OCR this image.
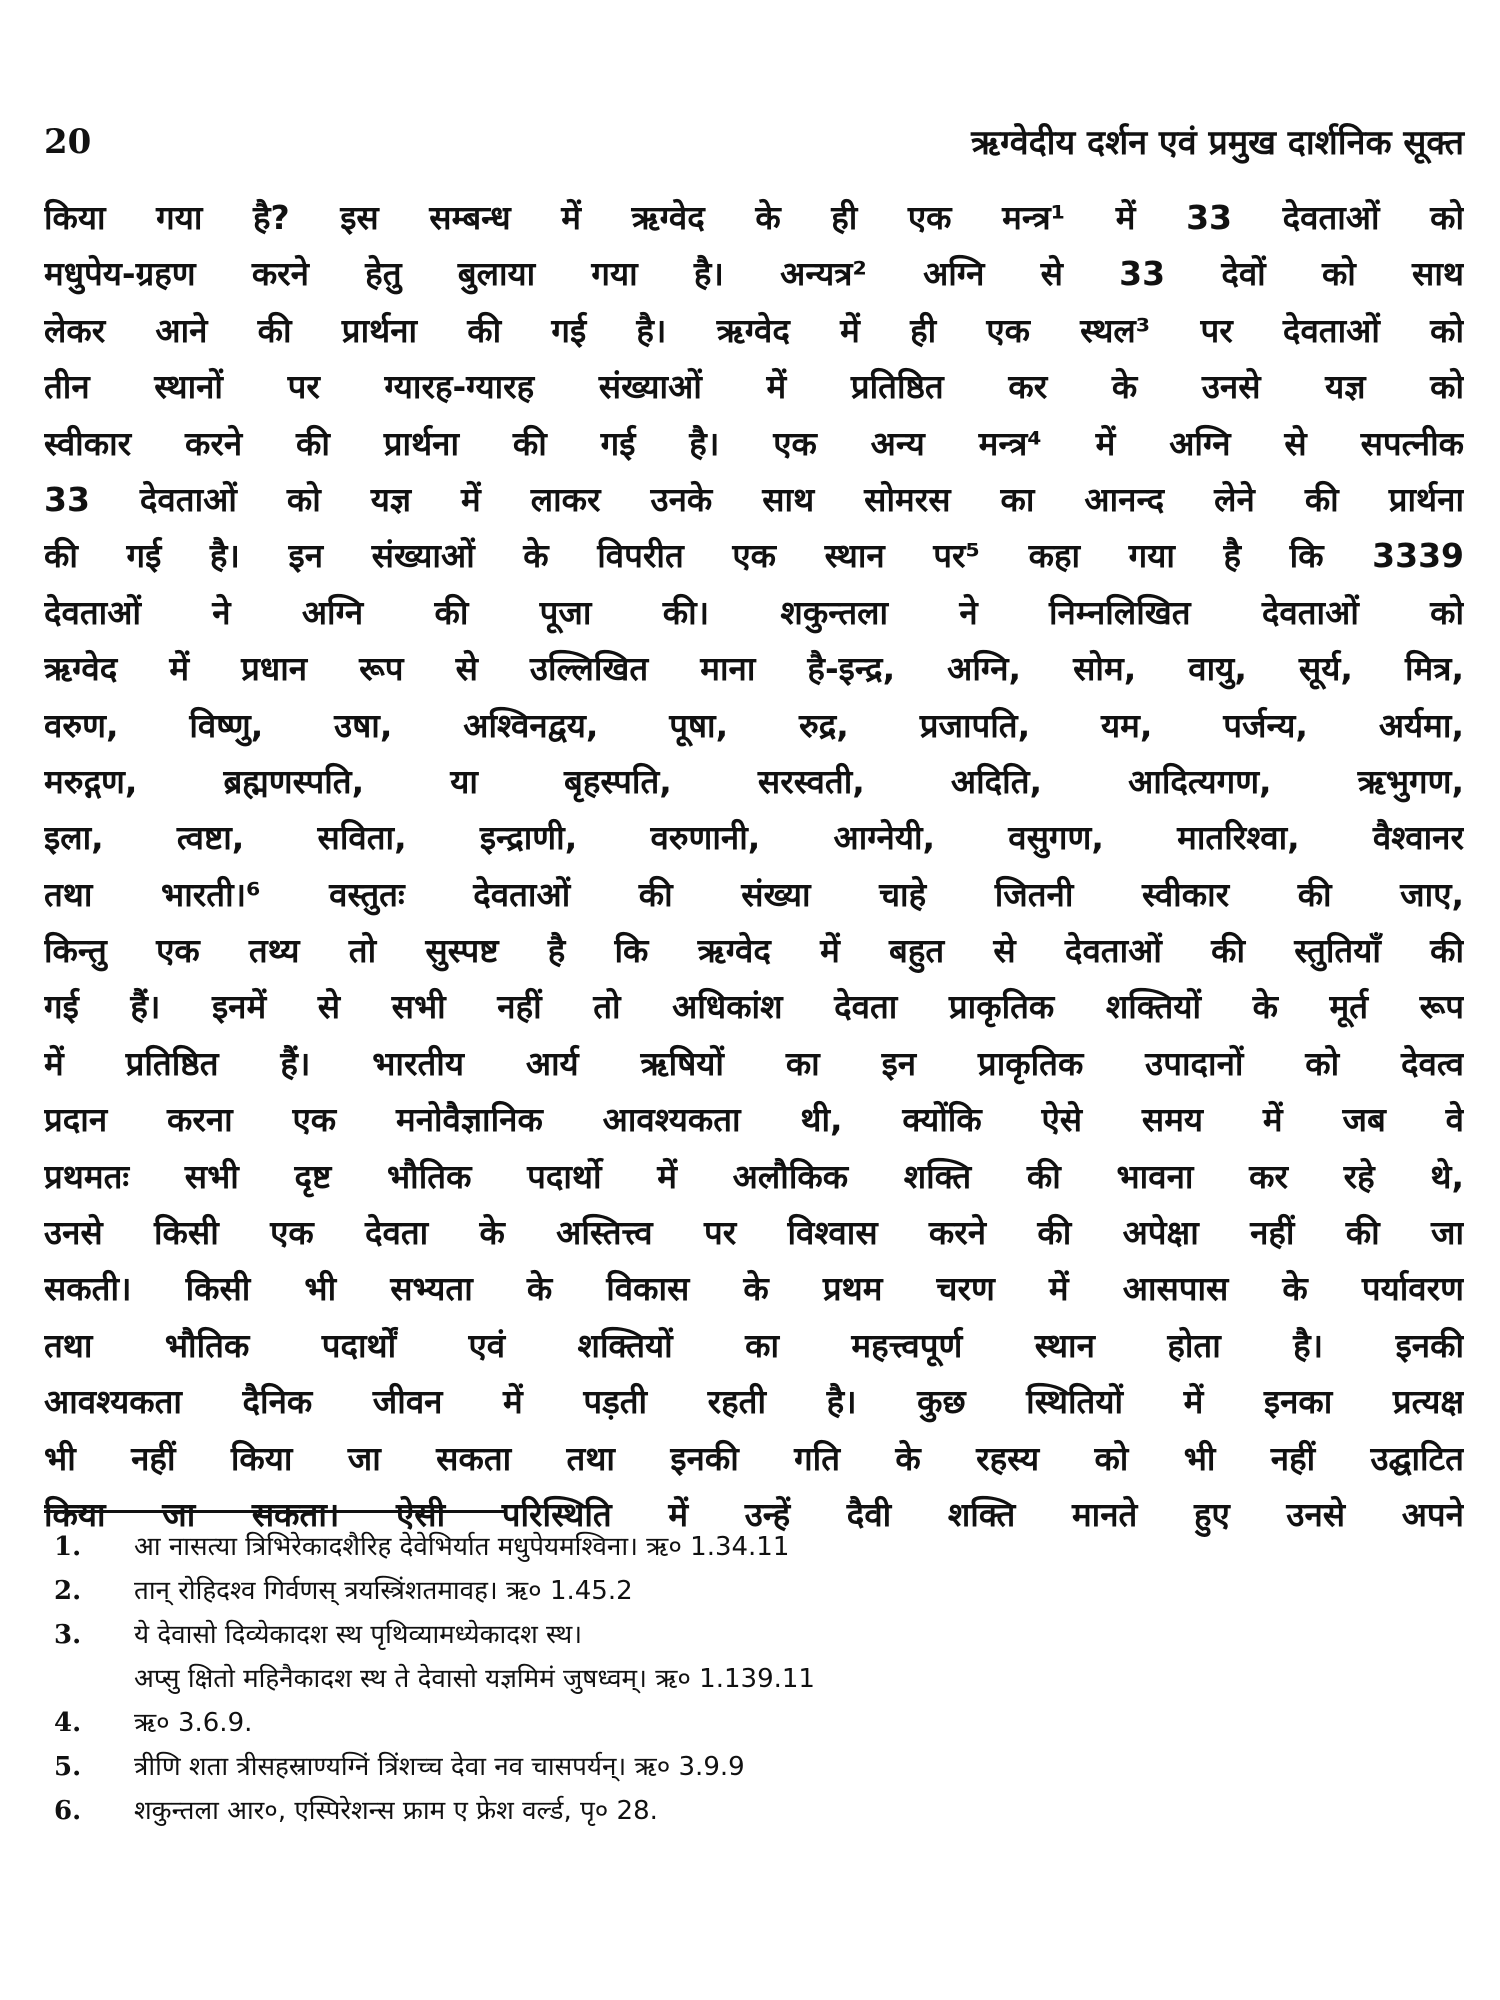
20	ऋग्वेदीय दर्शन एवं प्रमुख दार्शनिक सूक्त
किया गया है? इस सम्बन्ध में ऋग्वेद के ही एक मन्त्र¹ में 33 देवताओं को
मधुपेय-ग्रहण करने हेतु बुलाया गया है। अन्यत्र² अग्नि से 33 देवों को साथ
लेकर आने की प्रार्थना की गई है। ऋग्वेद में ही एक स्थल³ पर देवताओं को
तीन स्थानों पर ग्यारह-ग्यारह संख्याओं में प्रतिष्ठित कर के उनसे यज्ञ को
स्वीकार करने की प्रार्थना की गई है। एक अन्य मन्त्र⁴ में अग्नि से सपत्नीक
33 देवताओं को यज्ञ में लाकर उनके साथ सोमरस का आनन्द लेने की प्रार्थना
की गई है। इन संख्याओं के विपरीत एक स्थान पर⁵ कहा गया है कि 3339
देवताओं ने अग्नि की पूजा की। शकुन्तला ने निम्नलिखित देवताओं को
ऋग्वेद में प्रधान रूप से उल्लिखित माना है-इन्द्र, अग्नि, सोम, वायु, सूर्य, मित्र,
वरुण, विष्णु, उषा, अश्विनद्वय, पूषा, रुद्र, प्रजापति, यम, पर्जन्य, अर्यमा,
मरुद्गण, ब्रह्मणस्पति, या बृहस्पति, सरस्वती, अदिति, आदित्यगण, ऋभुगण,
इला, त्वष्टा, सविता, इन्द्राणी, वरुणानी, आग्नेयी, वसुगण, मातरिश्वा, वैश्वानर
तथा भारती।⁶ वस्तुतः देवताओं की संख्या चाहे जितनी स्वीकार की जाए,
किन्तु एक तथ्य तो सुस्पष्ट है कि ऋग्वेद में बहुत से देवताओं की स्तुतियाँ की
गई हैं। इनमें से सभी नहीं तो अधिकांश देवता प्राकृतिक शक्तियों के मूर्त रूप
में प्रतिष्ठित हैं। भारतीय आर्य ऋषियों का इन प्राकृतिक उपादानों को देवत्व
प्रदान करना एक मनोवैज्ञानिक आवश्यकता थी, क्योंकि ऐसे समय में जब वे
प्रथमतः सभी दृष्ट भौतिक पदार्थो में अलौकिक शक्ति की भावना कर रहे थे,
उनसे किसी एक देवता के अस्तित्त्व पर विश्वास करने की अपेक्षा नहीं की जा
सकती। किसी भी सभ्यता के विकास के प्रथम चरण में आसपास के पर्यावरण
तथा भौतिक पदार्थों एवं शक्तियों का महत्त्वपूर्ण स्थान होता है। इनकी
आवश्यकता दैनिक जीवन में पड़ती रहती है। कुछ स्थितियों में इनका प्रत्यक्ष
भी नहीं किया जा सकता तथा इनकी गति के रहस्य को भी नहीं उद्घाटित
किया जा सकता। ऐसी परिस्थिति में उन्हें दैवी शक्ति मानते हुए उनसे अपने
1. आ नासत्या त्रिभिरेकादशैरिह देवेभिर्यात मधुपेयमश्विना। ऋ० 1.34.11
2. तान् रोहिदश्व गिर्वणस् त्रयस्त्रिंशतमावह। ऋ० 1.45.2
3. ये देवासो दिव्येकादश स्थ पृथिव्यामध्येकादश स्थ।
अप्सु क्षितो महिनैकादश स्थ ते देवासो यज्ञमिमं जुषध्वम्। ऋ० 1.139.11
4. ऋ० 3.6.9.
5. त्रीणि शता त्रीसहस्राण्यग्निं त्रिंशच्च देवा नव चासपर्यन्। ऋ० 3.9.9
6. शकुन्तला आर०, एस्पिरेशन्स फ्राम ए फ्रेश वर्ल्ड, पृ० 28.
